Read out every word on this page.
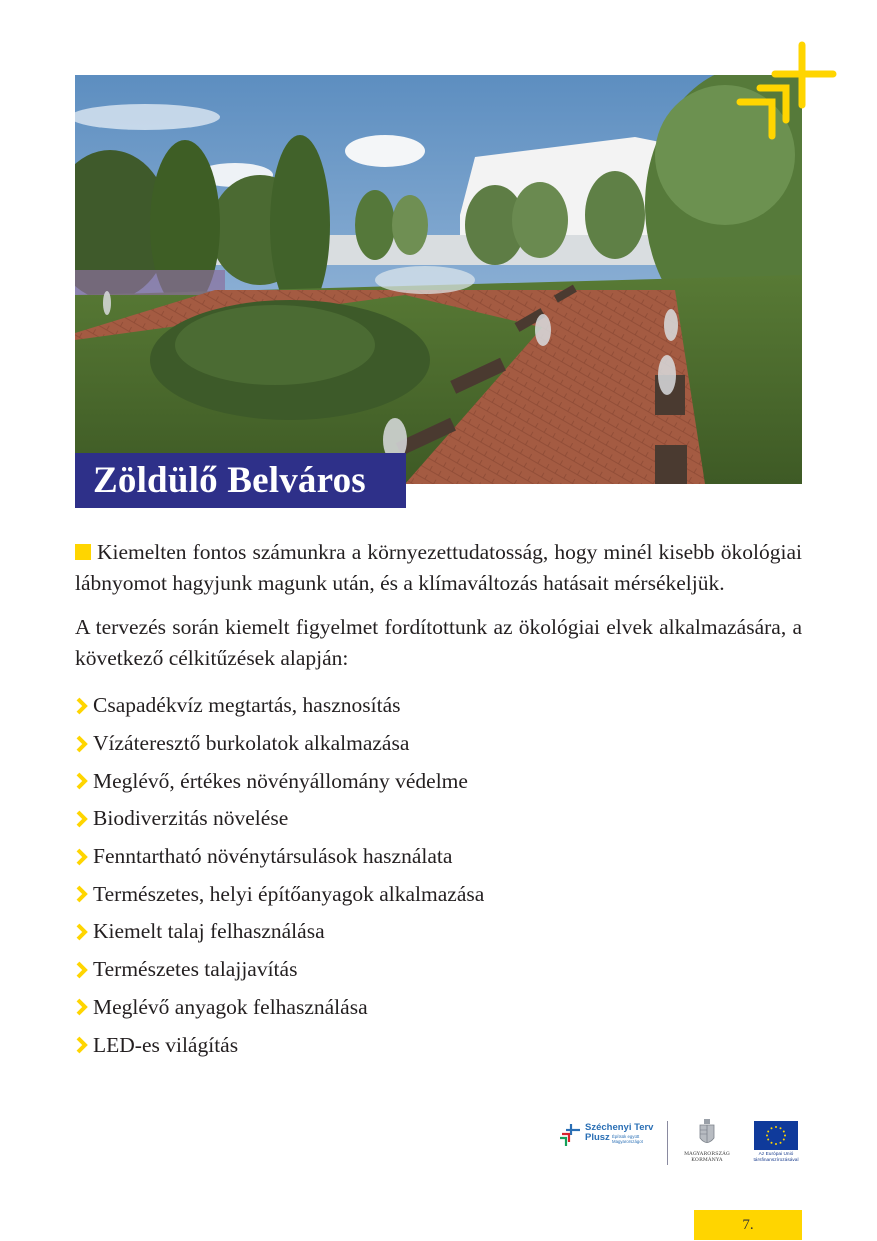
Zöldülő Belváros

Kiemelten fontos számunkra a környezettudatosság, hogy minél kisebb ökológiai lábnyomot hagyjunk magunk után, és a klímaváltozás hatásait mérsékeljük.

A tervezés során kiemelt figyelmet fordítottunk az ökológiai elvek alkalmazására, a következő célkitűzések alapján:

Csapadékvíz megtartás, hasznosítás
Vízáteresztő burkolatok alkalmazása
Meglévő, értékes növényállomány védelme
Biodiverzitás növelése
Fenntartható növénytársulások használata
Természetes, helyi építőanyagok alkalmazása
Kiemelt talaj felhasználása
Természetes talajjavítás
Meglévő anyagok felhasználása
LED-es világítás
Széchenyi Terv
Plusz Építsük együtt Magyarországot
MAGYARORSZÁG
KORMÁNYA
Az Európai Unió
társfinanszírozásával
7.
